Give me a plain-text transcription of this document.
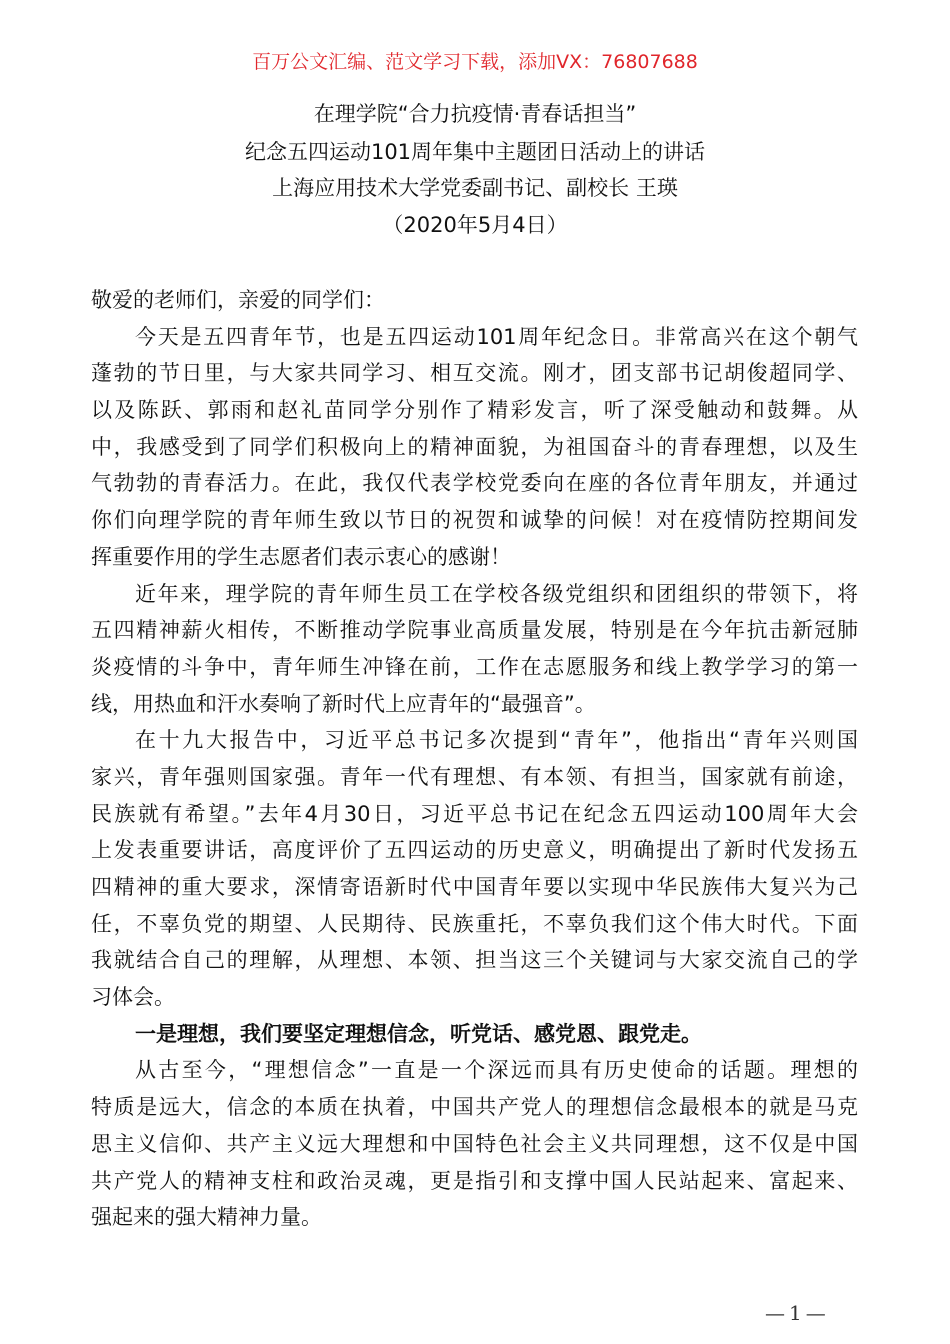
百万公文汇编、范文学习下载，添加VX：76807688
在理学院“合力抗疫情·青春话担当”
纪念五四运动101周年集中主题团日活动上的讲话
上海应用技术大学党委副书记、副校长 王瑛
（2020年5月4日）
敬爱的老师们，亲爱的同学们：
今天是五四青年节，也是五四运动101周年纪念日。非常高兴在这个朝气
蓬勃的节日里，与大家共同学习、相互交流。刚才，团支部书记胡俊超同学、
以及陈跃、郭雨和赵礼苗同学分别作了精彩发言，听了深受触动和鼓舞。从
中，我感受到了同学们积极向上的精神面貌，为祖国奋斗的青春理想，以及生
气勃勃的青春活力。在此，我仅代表学校党委向在座的各位青年朋友，并通过
你们向理学院的青年师生致以节日的祝贺和诚挚的问候！对在疫情防控期间发
挥重要作用的学生志愿者们表示衷心的感谢！
近年来，理学院的青年师生员工在学校各级党组织和团组织的带领下，将
五四精神薪火相传，不断推动学院事业高质量发展，特别是在今年抗击新冠肺
炎疫情的斗争中，青年师生冲锋在前，工作在志愿服务和线上教学学习的第一
线，用热血和汗水奏响了新时代上应青年的“最强音”。
在十九大报告中，习近平总书记多次提到“青年”，他指出“青年兴则国
家兴，青年强则国家强。青年一代有理想、有本领、有担当，国家就有前途，
民族就有希望。”去年4月30日，习近平总书记在纪念五四运动100周年大会
上发表重要讲话，高度评价了五四运动的历史意义，明确提出了新时代发扬五
四精神的重大要求，深情寄语新时代中国青年要以实现中华民族伟大复兴为己
任，不辜负党的期望、人民期待、民族重托，不辜负我们这个伟大时代。下面
我就结合自己的理解，从理想、本领、担当这三个关键词与大家交流自己的学
习体会。
一是理想，我们要坚定理想信念，听党话、感党恩、跟党走。
从古至今，“理想信念”一直是一个深远而具有历史使命的话题。理想的
特质是远大，信念的本质在执着，中国共产党人的理想信念最根本的就是马克
思主义信仰、共产主义远大理想和中国特色社会主义共同理想，这不仅是中国
共产党人的精神支柱和政治灵魂，更是指引和支撑中国人民站起来、富起来、
强起来的强大精神力量。
—1—
